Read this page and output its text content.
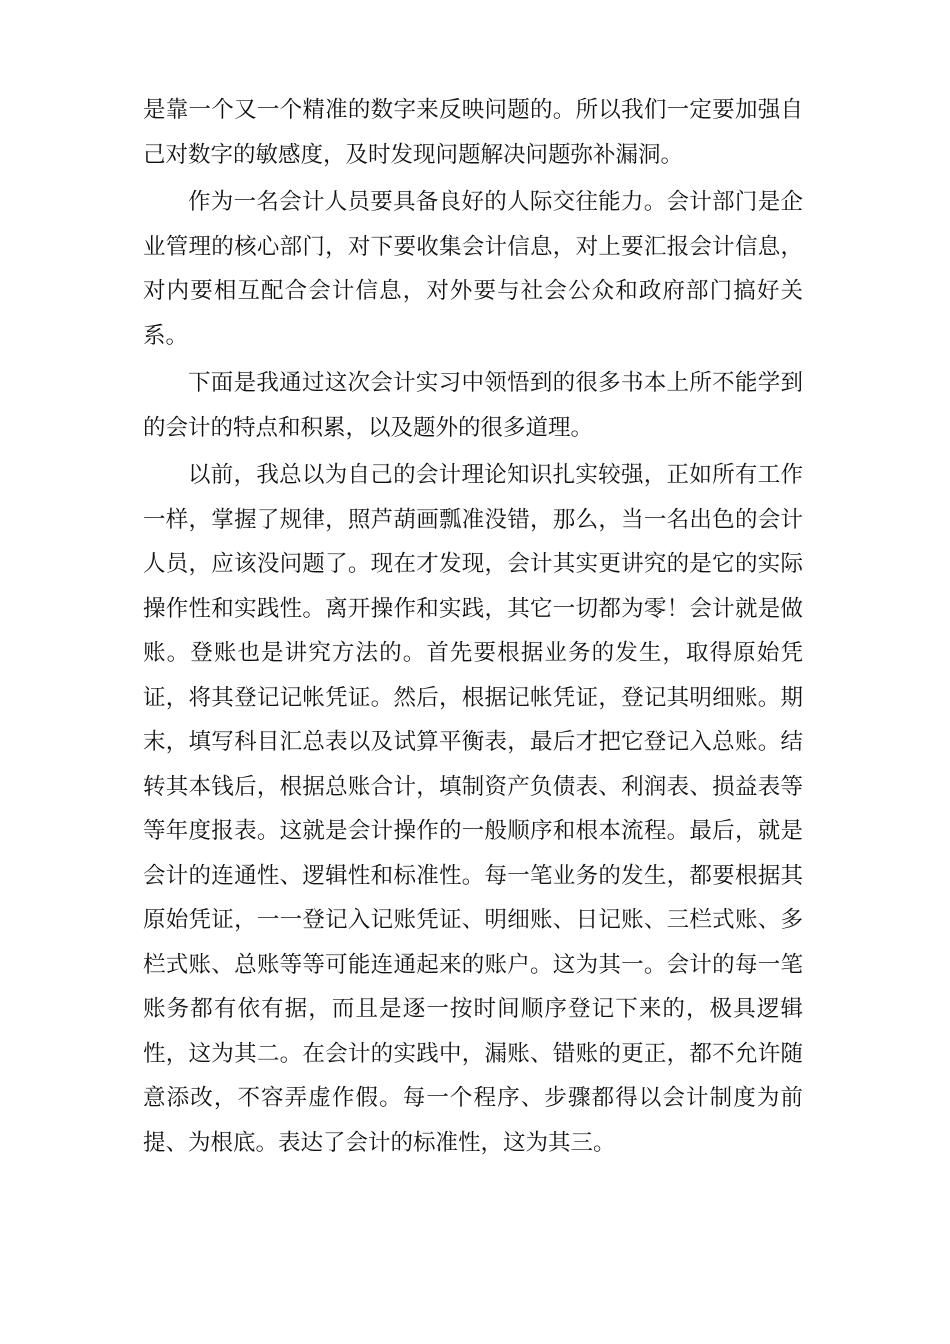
是靠一个又一个精准的数字来反映问题的。所以我们一定要加强自己对数字的敏感度，及时发现问题解决问题弥补漏洞。

作为一名会计人员要具备良好的人际交往能力。会计部门是企业管理的核心部门，对下要收集会计信息，对上要汇报会计信息，对内要相互配合会计信息，对外要与社会公众和政府部门搞好关系。

下面是我通过这次会计实习中领悟到的很多书本上所不能学到的会计的特点和积累，以及题外的很多道理。

以前，我总以为自己的会计理论知识扎实较强，正如所有工作一样，掌握了规律，照芦葫画瓢准没错，那么，当一名出色的会计人员，应该没问题了。现在才发现，会计其实更讲究的是它的实际操作性和实践性。离开操作和实践，其它一切都为零！会计就是做账。登账也是讲究方法的。首先要根据业务的发生，取得原始凭证，将其登记记帐凭证。然后，根据记帐凭证，登记其明细账。期末，填写科目汇总表以及试算平衡表，最后才把它登记入总账。结转其本钱后，根据总账合计，填制资产负债表、利润表、损益表等等年度报表。这就是会计操作的一般顺序和根本流程。最后，就是会计的连通性、逻辑性和标准性。每一笔业务的发生，都要根据其原始凭证，一一登记入记账凭证、明细账、日记账、三栏式账、多栏式账、总账等等可能连通起来的账户。这为其一。会计的每一笔账务都有依有据，而且是逐一按时间顺序登记下来的，极具逻辑性，这为其二。在会计的实践中，漏账、错账的更正，都不允许随意添改，不容弄虚作假。每一个程序、步骤都得以会计制度为前提、为根底。表达了会计的标准性，这为其三。
